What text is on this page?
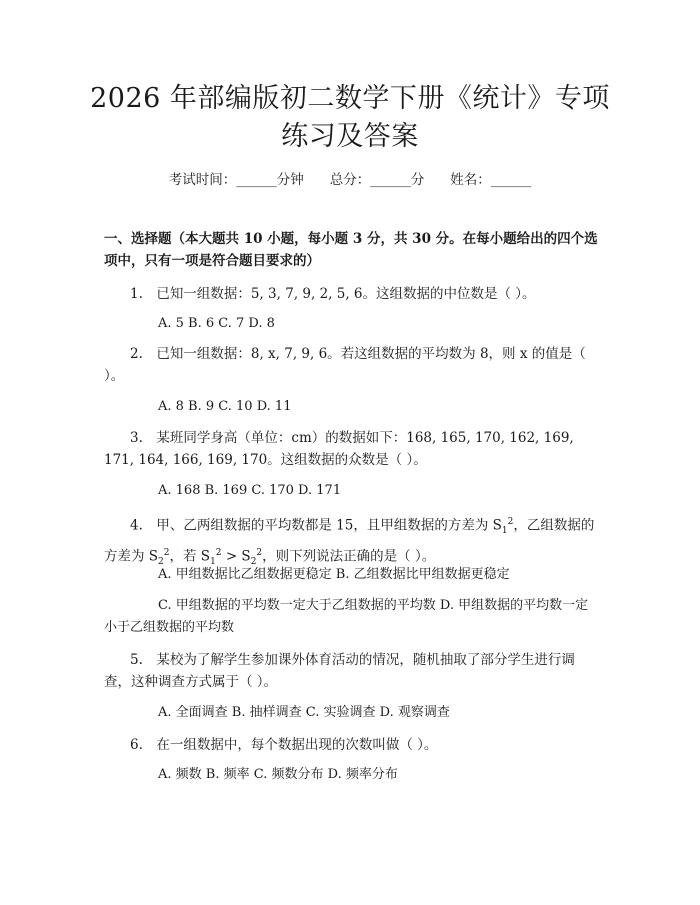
2026 年部编版初二数学下册《统计》专项练习及答案
考试时间：______分钟 总分：______分 姓名：______
一、选择题（本大题共 10 小题，每小题 3 分，共 30 分。在每小题给出的四个选项中，只有一项是符合题目要求的）
1.　已知一组数据：5, 3, 7, 9, 2, 5, 6。这组数据的中位数是（ ）。
A. 5 B. 6 C. 7 D. 8
2.　已知一组数据：8, x, 7, 9, 6。若这组数据的平均数为 8，则 x 的值是（ ）。
A. 8 B. 9 C. 10 D. 11
3.　某班同学身高（单位：cm）的数据如下：168, 165, 170, 162, 169, 171, 164, 166, 169, 170。这组数据的众数是（ ）。
A. 168 B. 169 C. 170 D. 171
4.　甲、乙两组数据的平均数都是 15，且甲组数据的方差为 $S_1^2$，乙组数据的方差为 $S_2^2$，若 $S_1^2 > S_2^2$，则下列说法正确的是（ ）。
A. 甲组数据比乙组数据更稳定 B. 乙组数据比甲组数据更稳定
C. 甲组数据的平均数一定大于乙组数据的平均数 D. 甲组数据的平均数一定小于乙组数据的平均数
5.　某校为了解学生参加课外体育活动的情况，随机抽取了部分学生进行调查，这种调查方式属于（ ）。
A. 全面调查 B. 抽样调查 C. 实验调查 D. 观察调查
6.　在一组数据中，每个数据出现的次数叫做（ ）。
A. 频数 B. 频率 C. 频数分布 D. 频率分布
